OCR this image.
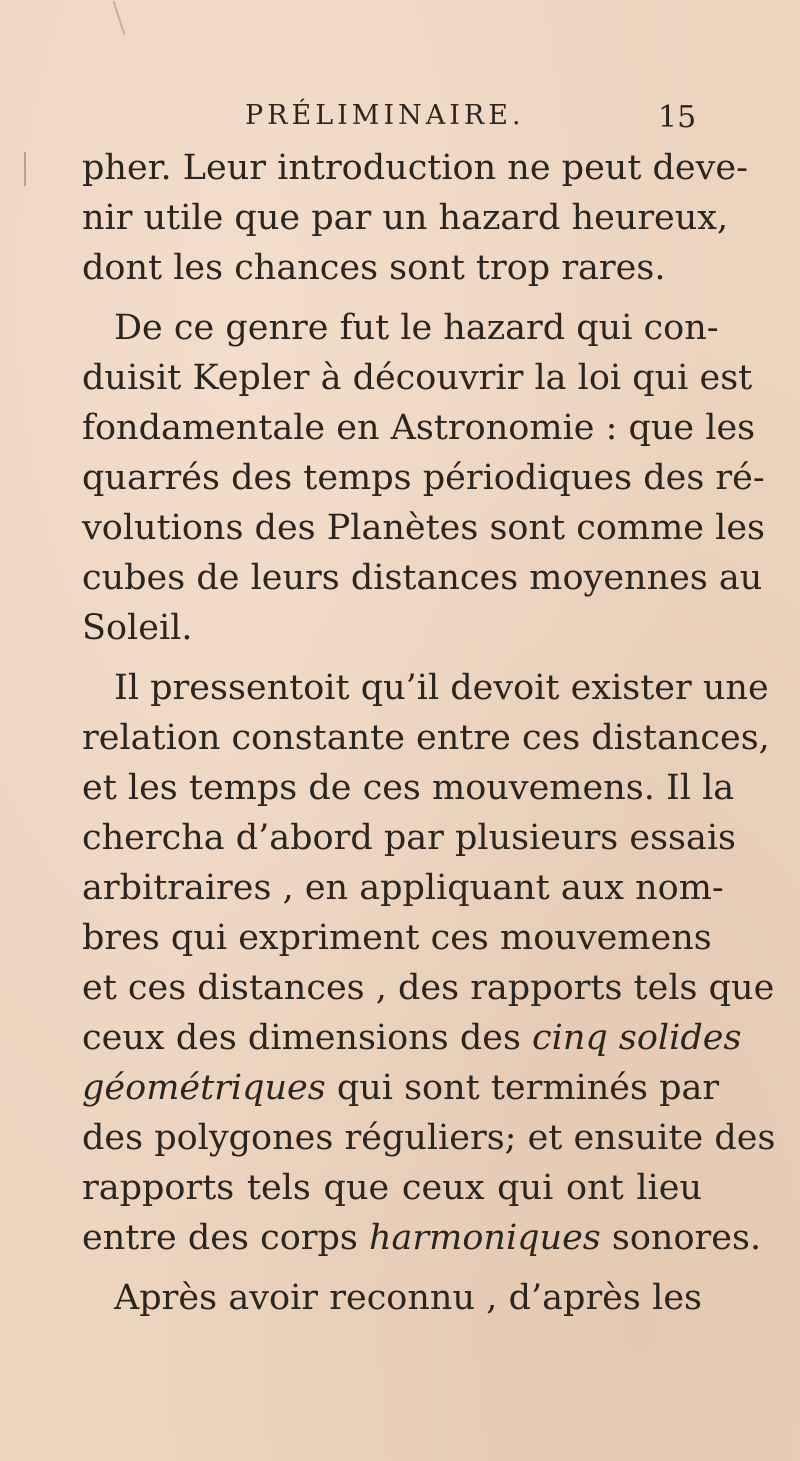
PRÉLIMINAIRE.	15
pher. Leur introduction ne peut deve-
nir utile que par un hazard heureux,
dont les chances sont trop rares.
De ce genre fut le hazard qui con-
duisit Kepler à découvrir la loi qui est
fondamentale en Astronomie : que les
quarrés des temps périodiques des ré-
volutions des Planètes sont comme les
cubes de leurs distances moyennes au
Soleil.
Il pressentoit qu’il devoit exister une
relation constante entre ces distances,
et les temps de ces mouvemens. Il la
chercha d’abord par plusieurs essais
arbitraires , en appliquant aux nom-
bres qui expriment ces mouvemens
et ces distances , des rapports tels que
ceux des dimensions des cinq solides
géométriques qui sont terminés par
des polygones réguliers; et ensuite des
rapports tels que ceux qui ont lieu
entre des corps harmoniques sonores.
Après avoir reconnu , d’après les
